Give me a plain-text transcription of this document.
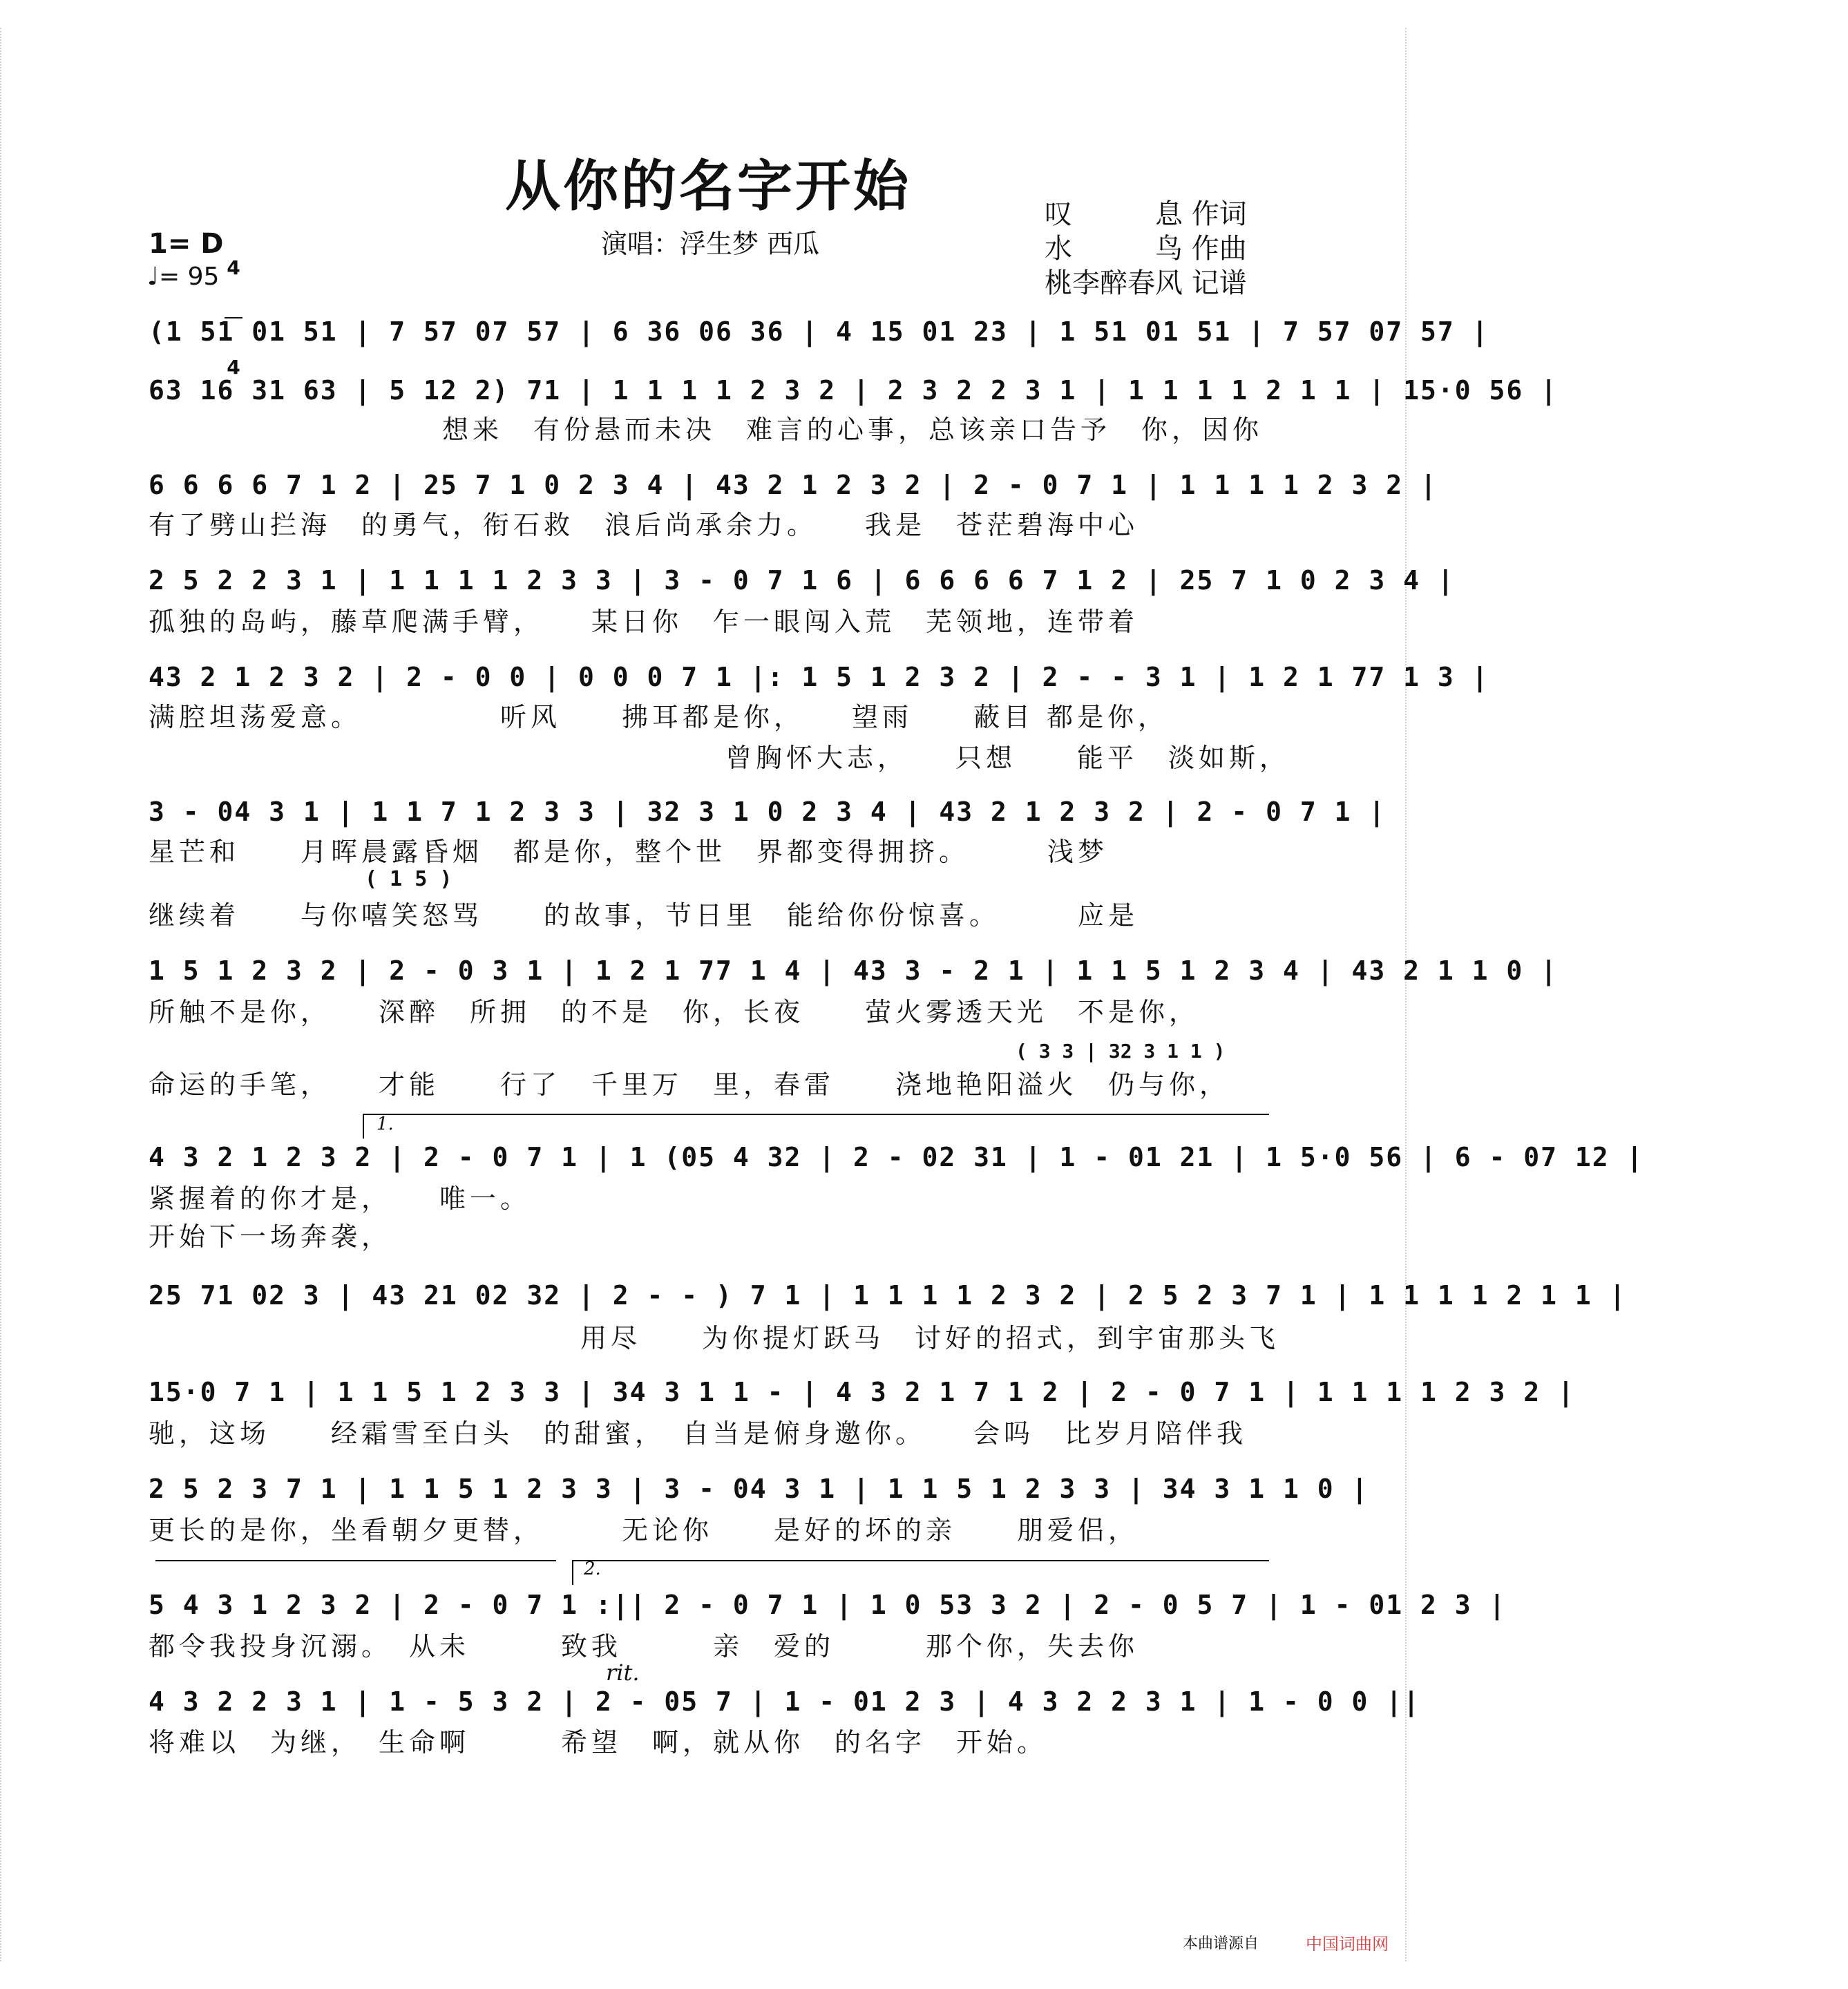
从你的名字开始
演唱：浮生梦 西瓜
叹　　　息 作词
水　　　鸟 作曲
桃李醉春风 记谱
1= D

4

4

♩= 95
(1 51 01 51 | 7 57 07 57 | 6 36 06 36 | 4 15 01 23 | 1 51 01 51 | 7 57 07 57 |
63 16 31 63 | 5 12 2) 71 | 1 1 1 1 2 3 2 | 2 3 2 2 3 1 | 1 1 1 1 2 1 1 | 15·0 56 |
6 6 6 6 7 1 2 | 25 7 1 0 2 3 4 | 43 2 1 2 3 2 | 2 - 0 7 1 | 1 1 1 1 2 3 2 |
2 5 2 2 3 1 | 1 1 1 1 2 3 3 | 3 - 0 7 1 6 | 6 6 6 6 7 1 2 | 25 7 1 0 2 3 4 |
43 2 1 2 3 2 | 2 - 0 0 | 0 0 0 7 1 |: 1 5 1 2 3 2 | 2 - - 3 1 | 1 2 1 77 1 3 |
3 - 04 3 1 | 1 1 7 1 2 3 3 | 32 3 1 0 2 3 4 | 43 2 1 2 3 2 | 2 - 0 7 1 |
1 5 1 2 3 2 | 2 - 0 3 1 | 1 2 1 77 1 4 | 43 3 - 2 1 | 1 1 5 1 2 3 4 | 43 2 1 1 0 |
4 3 2 1 2 3 2 | 2 - 0 7 1 | 1 (05 4 32 | 2 - 02 31 | 1 - 01 21 | 1 5·0 56 | 6 - 07 12 |
25 71 02 3 | 43 21 02 32 | 2 - - ) 7 1 | 1 1 1 1 2 3 2 | 2 5 2 3 7 1 | 1 1 1 1 2 1 1 |
15·0 7 1 | 1 1 5 1 2 3 3 | 34 3 1 1 - | 4 3 2 1 7 1 2 | 2 - 0 7 1 | 1 1 1 1 2 3 2 |
2 5 2 3 7 1 | 1 1 5 1 2 3 3 | 3 - 04 3 1 | 1 1 5 1 2 3 3 | 34 3 1 1 0 |
5 4 3 1 2 3 2 | 2 - 0 7 1 :|| 2 - 0 7 1 | 1 0 53 3 2 | 2 - 0 5 7 | 1 - 01 2 3 |
4 3 2 2 3 1 | 1 - 5 3 2 | 2 - 05 7 | 1 - 01 2 3 | 4 3 2 2 3 1 | 1 - 0 0 ||
( 1 5 )
( 3 3 | 32 3 1 1 )
想来　有份悬而未决　难言的心事，总该亲口告予　你，因你
有了劈山拦海　的勇气，衔石救　浪后尚承余力。　　我是　苍茫碧海中心
孤独的岛屿，藤草爬满手臂，　　某日你　乍一眼闯入荒　芜领地，连带着
满腔坦荡爱意。　　　　　听风　　拂耳都是你，　　望雨　　蔽目 都是你，
曾胸怀大志，　　只想　　能平　淡如斯，
星芒和　　月晖晨露昏烟　都是你，整个世　界都变得拥挤。　　　浅梦
继续着　　与你嘻笑怒骂　　的故事，节日里　能给你份惊喜。　　　应是
所触不是你，　　深醉　所拥　的不是　你，长夜　　萤火雾透天光　不是你，
命运的手笔，　　才能　　行了　千里万　里，春雷　　浇地艳阳溢火　仍与你，
紧握着的你才是，　　唯一。
开始下一场奔袭，
用尽　　为你提灯跃马　讨好的招式，到宇宙那头飞
驰，这场　　经霜雪至白头　的甜蜜，　自当是俯身邀你。　　会吗　比岁月陪伴我
更长的是你，坐看朝夕更替，　　　无论你　　是好的坏的亲　　朋爱侣，
都令我投身沉溺。　从未　　　致我　　　亲　爱的　　　那个你，失去你
将难以　为继，　生命啊　　　希望　啊，就从你　的名字　开始。
1.
2.
rit.
本曲谱源自	中国词曲网
